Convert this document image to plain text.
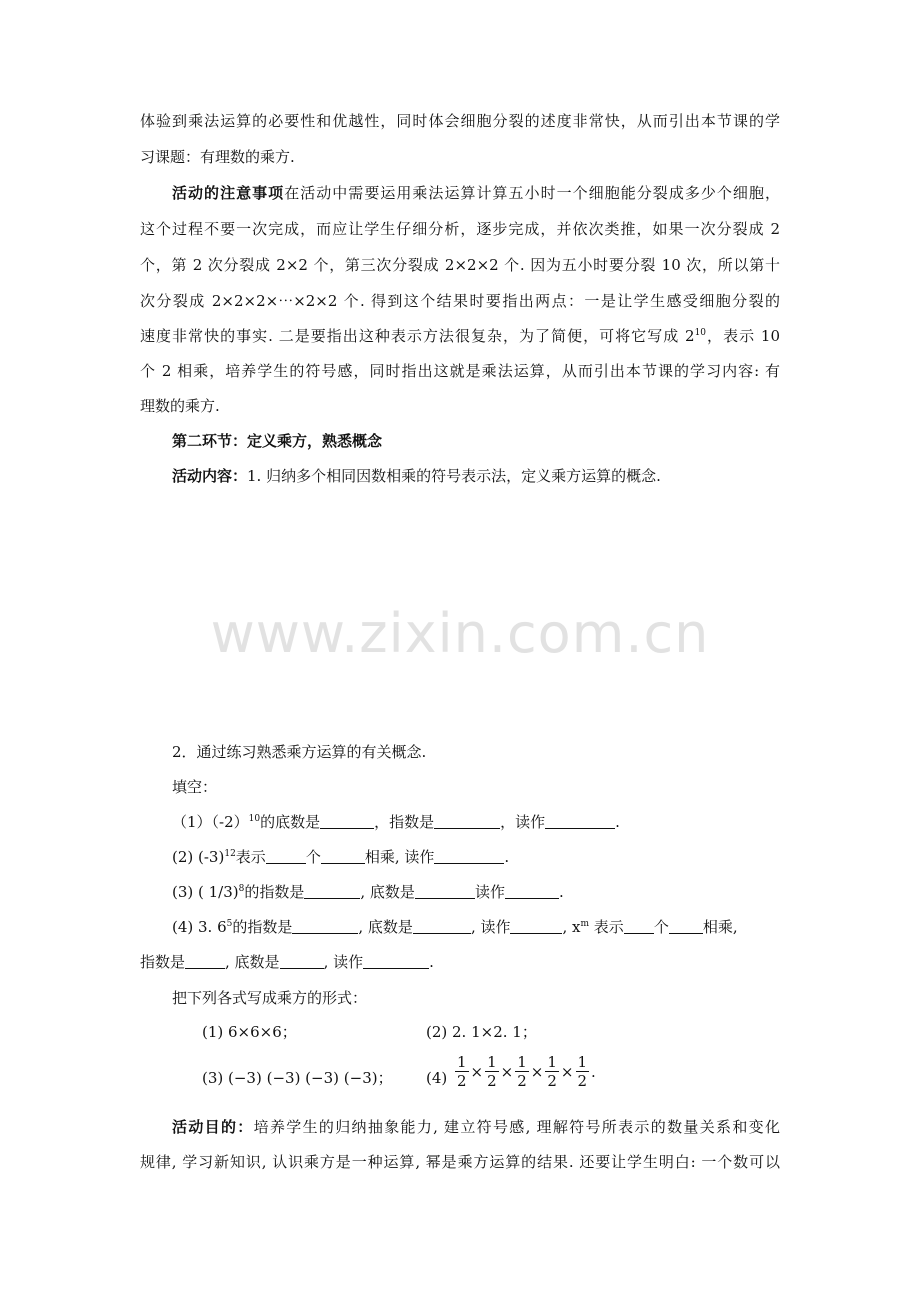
体验到乘法运算的必要性和优越性，同时体会细胞分裂的述度非常快，从而引出本节课的学
习课题：有理数的乘方.
活动的注意事项在活动中需要运用乘法运算计算五小时一个细胞能分裂成多少个细胞，
这个过程不要一次完成，而应让学生仔细分析，逐步完成，并依次类推，如果一次分裂成 2
个，第 2 次分裂成 2×2 个，第三次分裂成 2×2×2 个. 因为五小时要分裂 10 次，所以第十
次分裂成 2×2×2×⋯×2×2 个. 得到这个结果时要指出两点：一是让学生感受细胞分裂的
速度非常快的事实. 二是要指出这种表示方法很复杂，为了简便，可将它写成 $2^{10}$，表示 10
个 2 相乘，培养学生的符号感，同时指出这就是乘法运算，从而引出本节课的学习内容: 有
理数的乘方.
第二环节：定义乘方，熟悉概念
活动内容：1. 归纳多个相同因数相乘的符号表示法，定义乘方运算的概念.
www.zixin.com.cn
2．通过练习熟悉乘方运算的有关概念.
填空：
$(1)(-2)^{10}$的底数是	，指数是	，读作	.
(2) $(-3)^{12}$表示	个	相乘, 读作	.
(3) ( 1/3)$^8$的指数是	, 底数是	读作	.
(4) 3. $6^5$的指数是	, 底数是	, 读作	, $x^m$ 表示 个 相乘,
指数是	, 底数是	, 读作	.
把下列各式写成乘方的形式：
(1) 6×6×6；	(2) 2. 1×2. 1；
(3) (−3) (−3) (−3) (−3)； $(4) \frac{1}{2} \times \frac{1}{2} \times \frac{1}{2} \times \frac{1}{2} \times \frac{1}{2}$ .
活动目的：培养学生的归纳抽象能力, 建立符号感, 理解符号所表示的数量关系和变化
规律, 学习新知识, 认识乘方是一种运算, 幂是乘方运算的结果. 还要让学生明白: 一个数可以
